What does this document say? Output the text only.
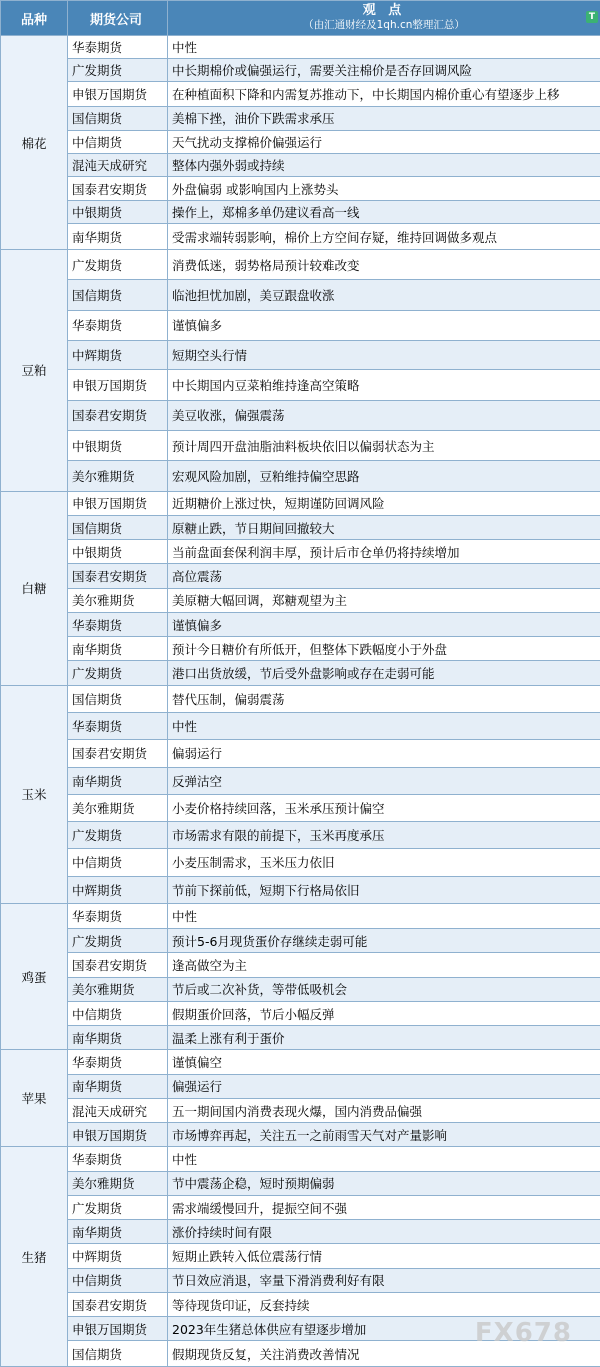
品种	期货公司	观 点
（由汇通财经及1qh.cn整理汇总）
T

棉花	华泰期货	中性
	广发期货	中长期棉价或偏强运行，需要关注棉价是否存回调风险
	申银万国期货	在种植面积下降和内需复苏推动下，中长期国内棉价重心有望逐步上移
	国信期货	美棉下挫，油价下跌需求承压
	中信期货	天气扰动支撑棉价偏强运行
	混沌天成研究	整体内强外弱或持续
	国泰君安期货	外盘偏弱 或影响国内上涨势头
	中银期货	操作上，郑棉多单仍建议看高一线
	南华期货	受需求端转弱影响，棉价上方空间存疑，维持回调做多观点
豆粕	广发期货	消费低迷，弱势格局预计较难改变
	国信期货	临池担忧加剧，美豆跟盘收涨
	华泰期货	谨慎偏多
	中辉期货	短期空头行情
	申银万国期货	中长期国内豆菜粕维持逢高空策略
	国泰君安期货	美豆收涨，偏强震荡
	中银期货	预计周四开盘油脂油料板块依旧以偏弱状态为主
	美尔雅期货	宏观风险加剧，豆粕维持偏空思路
白糖	申银万国期货	近期糖价上涨过快，短期谨防回调风险
	国信期货	原糖止跌，节日期间回撤较大
	中银期货	当前盘面套保利润丰厚，预计后市仓单仍将持续增加
	国泰君安期货	高位震荡
	美尔雅期货	美原糖大幅回调，郑糖观望为主
	华泰期货	谨慎偏多
	南华期货	预计今日糖价有所低开，但整体下跌幅度小于外盘
	广发期货	港口出货放缓，节后受外盘影响或存在走弱可能
玉米	国信期货	替代压制，偏弱震荡
	华泰期货	中性
	国泰君安期货	偏弱运行
	南华期货	反弹沽空
	美尔雅期货	小麦价格持续回落，玉米承压预计偏空
	广发期货	市场需求有限的前提下，玉米再度承压
	中信期货	小麦压制需求，玉米压力依旧
	中辉期货	节前下探前低，短期下行格局依旧
鸡蛋	华泰期货	中性
	广发期货	预计5-6月现货蛋价存继续走弱可能
	国泰君安期货	逢高做空为主
	美尔雅期货	节后或二次补货，等带低吸机会
	中信期货	假期蛋价回落，节后小幅反弹
	南华期货	温柔上涨有利于蛋价
苹果	华泰期货	谨慎偏空
	南华期货	偏强运行
	混沌天成研究	五一期间国内消费表现火爆，国内消费品偏强
	申银万国期货	市场博弈再起，关注五一之前雨雪天气对产量影响
生猪	华泰期货	中性
	美尔雅期货	节中震荡企稳，短时预期偏弱
	广发期货	需求端缓慢回升，提振空间不强
	南华期货	涨价持续时间有限
	中辉期货	短期止跌转入低位震荡行情
	中信期货	节日效应消退，宰量下滑消费利好有限
	国泰君安期货	等待现货印证，反套持续
	申银万国期货	2023年生猪总体供应有望逐步增加
	国信期货	假期现货反复，关注消费改善情况
FX678
